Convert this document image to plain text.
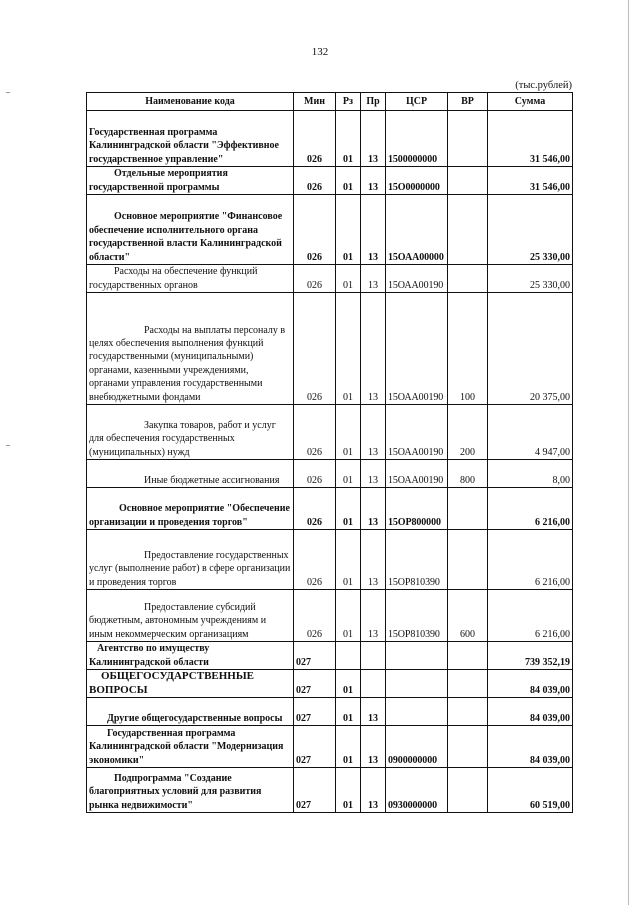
132
(тыс.рублей)
Наименование кода	Мин	Рз	Пр	ЦСР	ВР	Сумма
Государственная программа Калининградской области "Эффективное государственное управление"	026	01	13	1500000000		31 546,00
Отдельные мероприятия государственной программы	026	01	13	15О0000000		31 546,00
Основное мероприятие "Финансовое обеспечение исполнительного органа государственной власти Калининградской области"	026	01	13	15ОАА00000		25 330,00
Расходы на обеспечение функций государственных органов	026	01	13	15ОАА00190		25 330,00
Расходы на выплаты персоналу в целях обеспечения выполнения функций государственными (муниципальными) органами, казенными учреждениями, органами управления государственными внебюджетными фондами	026	01	13	15ОАА00190	100	20 375,00
Закупка товаров, работ и услуг для обеспечения государственных (муниципальных) нужд	026	01	13	15ОАА00190	200	4 947,00
Иные бюджетные ассигнования	026	01	13	15ОАА00190	800	8,00
Основное мероприятие "Обеспечение организации и проведения торгов"	026	01	13	15ОР800000		6 216,00
Предоставление государственных услуг (выполнение работ) в сфере организации и проведения торгов	026	01	13	15ОР810390		6 216,00
Предоставление субсидий бюджетным, автономным учреждениям и иным некоммерческим организациям	026	01	13	15ОР810390	600	6 216,00
Агентство по имуществу Калининградской области	027					739 352,19
ОБЩЕГОСУДАРСТВЕННЫЕ ВОПРОСЫ	027	01				84 039,00
Другие общегосударственные вопросы	027	01	13			84 039,00
Государственная программа Калининградской области "Модернизация экономики"	027	01	13	0900000000		84 039,00
Подпрограмма "Создание благоприятных условий для развития рынка недвижимости"	027	01	13	0930000000		60 519,00
